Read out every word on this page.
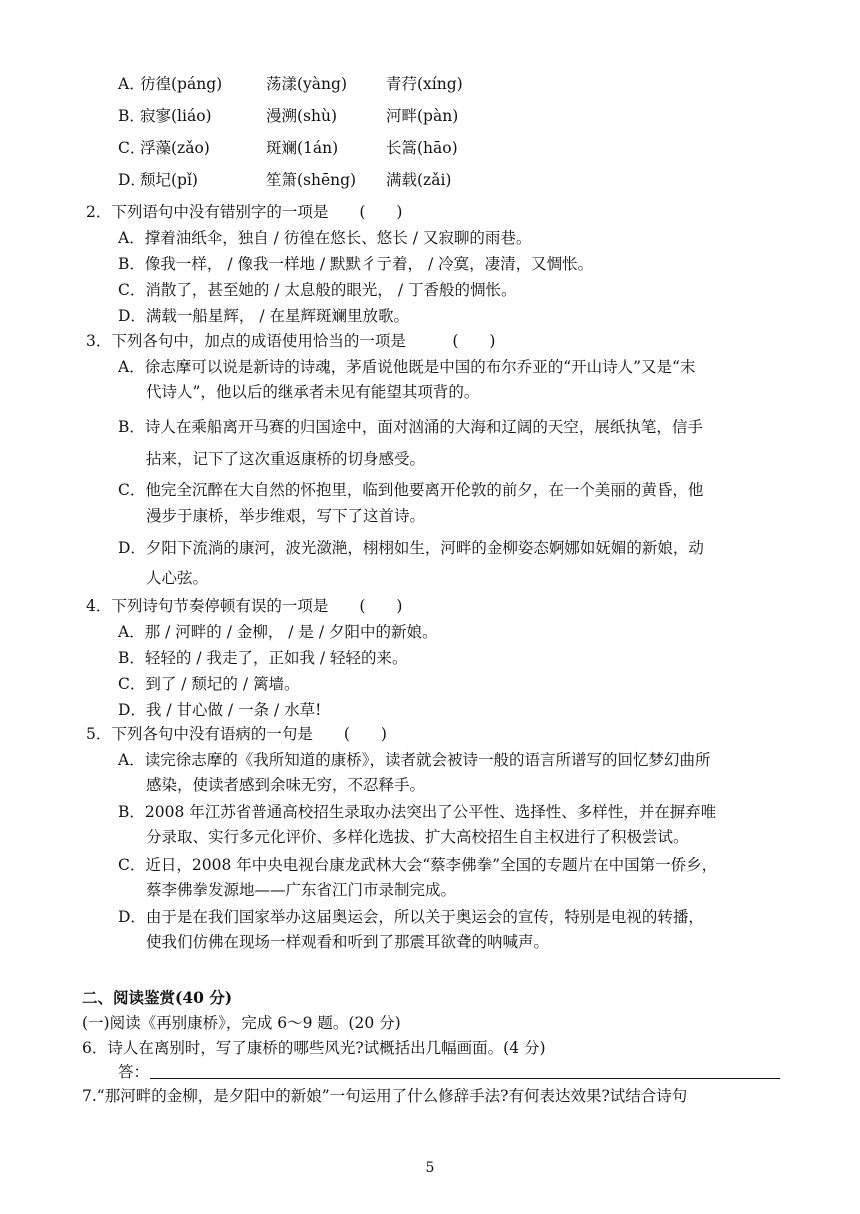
A．
彷徨(páng)	荡漾(yàng)	青荇(xíng)
B．
寂寥(liáo)	漫溯(shù)	河畔(pàn)
C．
浮藻(zǎo)	斑斓(1án)	长篙(hāo)
D．
颓圮(pǐ)	笙箫(shēng) 满载(zǎi)
2．下列语句中没有错别字的一项是　　(　　)
A．撑着油纸伞，独自 / 彷徨在悠长、悠长 / 又寂聊的雨巷。
B．像我一样， / 像我一样地 / 默默彳亍着， / 冷寞，凄清，又惆怅。
C．消散了，甚至她的 / 太息般的眼光， / 丁香般的惆怅。
D．满载一船星辉， / 在星辉斑斓里放歌。
3．下列各句中，加点的成语使用恰当的一项是　　　(　　)
A．徐志摩可以说是新诗的诗魂，茅盾说他既是中国的布尔乔亚的“开山诗人”又是“末
代诗人”，他以后的继承者未见有能望其项背的。
B．诗人在乘船离开马赛的归国途中，面对汹涌的大海和辽阔的天空，展纸执笔，信手
拈来，记下了这次重返康桥的切身感受。
C．他完全沉醉在大自然的怀抱里，临到他要离开伦敦的前夕，在一个美丽的黄昏，他
漫步于康桥，举步维艰，写下了这首诗。
D．夕阳下流淌的康河，波光潋滟，栩栩如生，河畔的金柳姿态婀娜如妩媚的新娘，动
人心弦。
4．下列诗句节奏停顿有误的一项是　　(　　)
A．那 / 河畔的 / 金柳， / 是 / 夕阳中的新娘。
B．轻轻的 / 我走了，正如我 / 轻轻的来。
C．到了 / 颓圮的 / 篱墙。
D．我 / 甘心做 / 一条 / 水草!
5．下列各句中没有语病的一句是　　(　　)
A．读完徐志摩的《我所知道的康桥》，读者就会被诗一般的语言所谱写的回忆梦幻曲所
感染，使读者感到余味无穷，不忍释手。
B．2008 年江苏省普通高校招生录取办法突出了公平性、选择性、多样性，并在摒弃唯
分录取、实行多元化评价、多样化选拔、扩大高校招生自主权进行了积极尝试。
C．近日，2008 年中央电视台康龙武林大会“蔡李佛拳”全国的专题片在中国第一侨乡，
蔡李佛拳发源地——广东省江门市录制完成。
D．由于是在我们国家举办这届奥运会，所以关于奥运会的宣传，特别是电视的转播，
使我们仿佛在现场一样观看和听到了那震耳欲聋的呐喊声。
二、阅读鉴赏(40 分)
(一)阅读《再别康桥》，完成 6～9 题。(20 分)
6．诗人在离别时，写了康桥的哪些风光?试概括出几幅画面。(4 分)
答：
7.“那河畔的金柳，是夕阳中的新娘”一句运用了什么修辞手法?有何表达效果?试结合诗句
5
